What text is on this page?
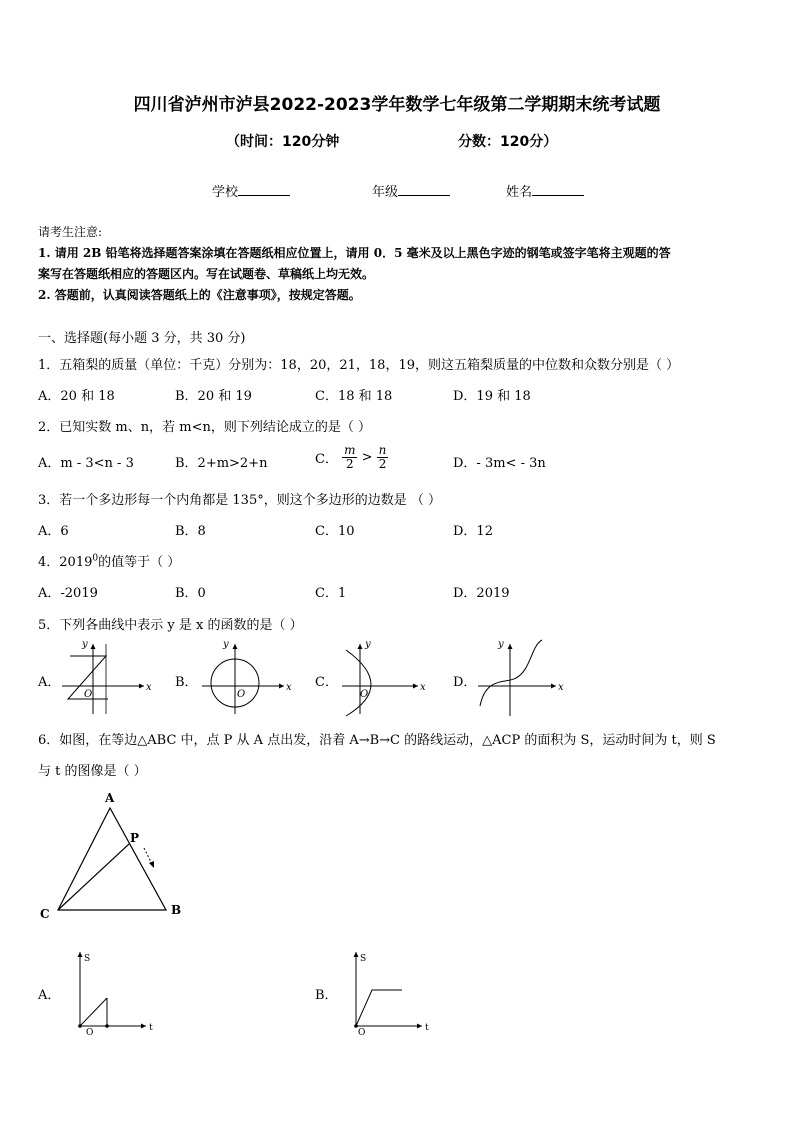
四川省泸州市泸县2022-2023学年数学七年级第二学期期末统考试题
（时间：120分钟	分数：120分）
学校	年级	姓名
请考生注意:
1. 请用 2B 铅笔将选择题答案涂填在答题纸相应位置上，请用 0．5 毫米及以上黑色字迹的钢笔或签字笔将主观题的答
案写在答题纸相应的答题区内。写在试题卷、草稿纸上均无效。
2. 答题前，认真阅读答题纸上的《注意事项》，按规定答题。
一、选择题(每小题 3 分，共 30 分)
1．五箱梨的质量（单位：千克）分别为：18，20，21，18，19，则这五箱梨质量的中位数和众数分别是（ ）
A．20 和 18	B．20 和 19	C．18 和 18	D．19 和 18
2．已知实数 m、n，若 m<n，则下列结论成立的是（ ）
A．m - 3<n - 3	B．2+m>2+n	C． $\frac{m}{2} > \frac{n}{2}$	D．- 3m< - 3n
3．若一个多边形每一个内角都是 135°，则这个多边形的边数是 （ ）
A．6	B．8	C．10	D．12
4．2019$^0$的值等于（ ）
A．-2019	B．0	C．1	D．2019
5．下列各曲线中表示 y 是 x 的函数的是（ ）
A．	B．	C．	D．
y
x
O
y
x
O
y
x
O
y
x
6．如图，在等边△ABC 中，点 P 从 A 点出发，沿着 A→B→C 的路线运动，△ACP 的面积为 S，运动时间为 t，则 S
与 t 的图像是（ ）
A
C	B
P
A．	B．
S
t
O
S
t
O
